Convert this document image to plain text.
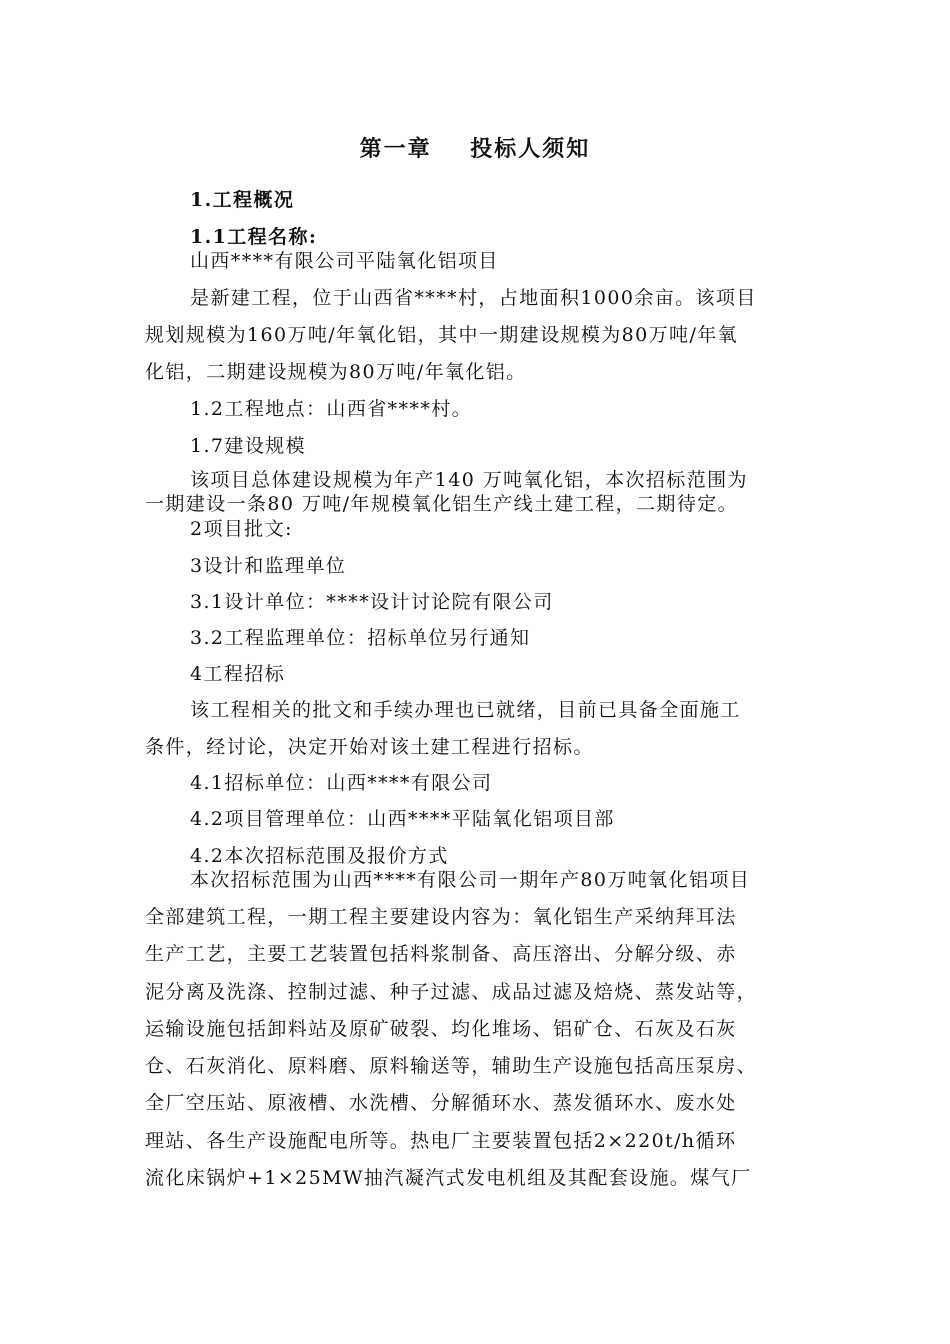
第一章    投标人须知
1.工程概况
1.1工程名称:
山西****有限公司平陆氧化铝项目
是新建工程，位于山西省****村，占地面积1000余亩。该项目
规划规模为160万吨/年氧化铝，其中一期建设规模为80万吨/年氧
化铝，二期建设规模为80万吨/年氧化铝。
1.2工程地点：山西省****村。
1.7建设规模
该项目总体建设规模为年产140 万吨氧化铝，本次招标范围为
一期建设一条80 万吨/年规模氧化铝生产线土建工程，二期待定。
2项目批文:
3设计和监理单位
3.1设计单位：****设计讨论院有限公司
3.2工程监理单位：招标单位另行通知
4工程招标
该工程相关的批文和手续办理也已就绪，目前已具备全面施工
条件，经讨论，决定开始对该土建工程进行招标。
4.1招标单位：山西****有限公司
4.2项目管理单位：山西****平陆氧化铝项目部
4.2本次招标范围及报价方式
本次招标范围为山西****有限公司一期年产80万吨氧化铝项目
全部建筑工程，一期工程主要建设内容为：氧化铝生产采纳拜耳法
生产工艺，主要工艺装置包括料浆制备、高压溶出、分解分级、赤
泥分离及洗涤、控制过滤、种子过滤、成品过滤及焙烧、蒸发站等，
运输设施包括卸料站及原矿破裂、均化堆场、铝矿仓、石灰及石灰
仓、石灰消化、原料磨、原料输送等，辅助生产设施包括高压泵房、
全厂空压站、原液槽、水洗槽、分解循环水、蒸发循环水、废水处
理站、各生产设施配电所等。热电厂主要装置包括2×220t/h循环
流化床锅炉+1×25MW抽汽凝汽式发电机组及其配套设施。煤气厂
